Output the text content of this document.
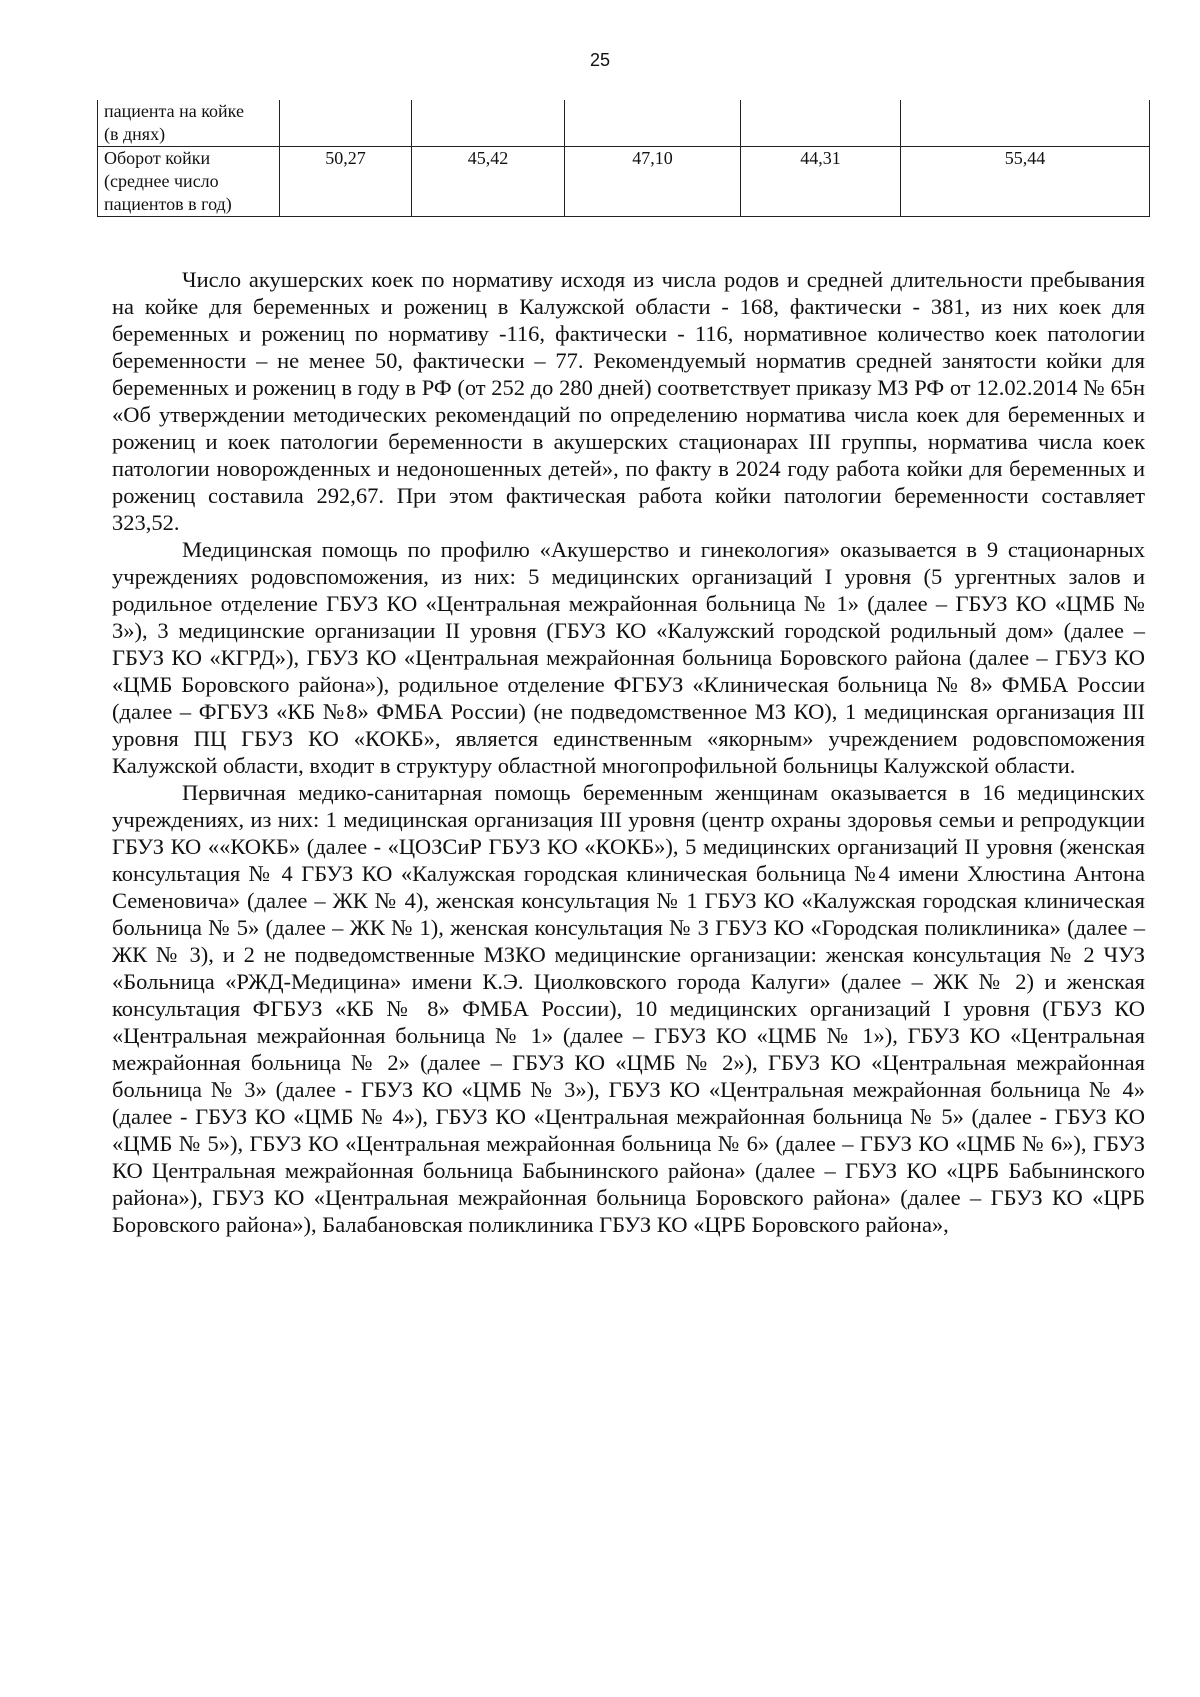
25
пациента на койке
(в днях)					
Оборот койки
(среднее число
пациентов в год)	50,27	45,42	47,10	44,31	55,44

Число акушерских коек по нормативу исходя из числа родов и средней длительности пребывания на койке для беременных и рожениц в Калужской области - 168, фактически - 381, из них коек для беременных и рожениц по нормативу -116, фактически - 116, нормативное количество коек патологии беременности – не менее 50, фактически – 77. Рекомендуемый норматив средней занятости койки для беременных и рожениц в году в РФ (от 252 до 280 дней) соответствует приказу МЗ РФ от 12.02.2014 № 65н «Об утверждении методических рекомендаций по определению норматива числа коек для беременных и рожениц и коек патологии беременности в акушерских стационарах III группы, норматива числа коек патологии новорожденных и недоношенных детей», по факту в 2024 году работа койки для беременных и рожениц составила 292,67. При этом фактическая работа койки патологии беременности составляет 323,52.

Медицинская помощь по профилю «Акушерство и гинекология» оказывается в 9 стационарных учреждениях родовспоможения, из них: 5 медицинских организаций I уровня (5 ургентных залов и родильное отделение ГБУЗ КО «Центральная межрайонная больница № 1» (далее – ГБУЗ КО «ЦМБ № 3»), 3 медицинские организации II уровня (ГБУЗ КО «Калужский городской родильный дом» (далее – ГБУЗ КО «КГРД»), ГБУЗ КО «Центральная межрайонная больница Боровского района (далее – ГБУЗ КО «ЦМБ Боровского района»), родильное отделение ФГБУЗ «Клиническая больница № 8» ФМБА России (далее – ФГБУЗ «КБ №8» ФМБА России) (не подведомственное МЗ КО), 1 медицинская организация III уровня ПЦ ГБУЗ КО «КОКБ», является единственным «якорным» учреждением родовспоможения Калужской области, входит в структуру областной многопрофильной больницы Калужской области.

Первичная медико-санитарная помощь беременным женщинам оказывается в 16 медицинских учреждениях, из них: 1 медицинская организация III уровня (центр охраны здоровья семьи и репродукции ГБУЗ КО ««КОКБ» (далее - «ЦОЗСиР ГБУЗ КО «КОКБ»), 5 медицинских организаций II уровня (женская консультация № 4 ГБУЗ КО «Калужская городская клиническая больница №4 имени Хлюстина Антона Семеновича» (далее – ЖК № 4), женская консультация № 1 ГБУЗ КО «Калужская городская клиническая больница № 5» (далее – ЖК № 1), женская консультация № 3 ГБУЗ КО «Городская поликлиника» (далее – ЖК № 3), и 2 не подведомственные МЗКО медицинские организации: женская консультация № 2 ЧУЗ «Больница «РЖД-Медицина» имени К.Э. Циолковского города Калуги» (далее – ЖК № 2) и женская консультация ФГБУЗ «КБ № 8» ФМБА России), 10 медицинских организаций I уровня (ГБУЗ КО «Центральная межрайонная больница № 1» (далее – ГБУЗ КО «ЦМБ № 1»), ГБУЗ КО «Центральная межрайонная больница № 2» (далее – ГБУЗ КО «ЦМБ № 2»), ГБУЗ КО «Центральная межрайонная больница № 3» (далее - ГБУЗ КО «ЦМБ № 3»), ГБУЗ КО «Центральная межрайонная больница № 4» (далее - ГБУЗ КО «ЦМБ № 4»), ГБУЗ КО «Центральная межрайонная больница № 5» (далее - ГБУЗ КО «ЦМБ № 5»), ГБУЗ КО «Центральная межрайонная больница № 6» (далее – ГБУЗ КО «ЦМБ № 6»), ГБУЗ КО Центральная межрайонная больница Бабынинского района» (далее – ГБУЗ КО «ЦРБ Бабынинского района»), ГБУЗ КО «Центральная межрайонная больница Боровского района» (далее – ГБУЗ КО «ЦРБ Боровского района»), Балабановская поликлиника ГБУЗ КО «ЦРБ Боровского района»,
